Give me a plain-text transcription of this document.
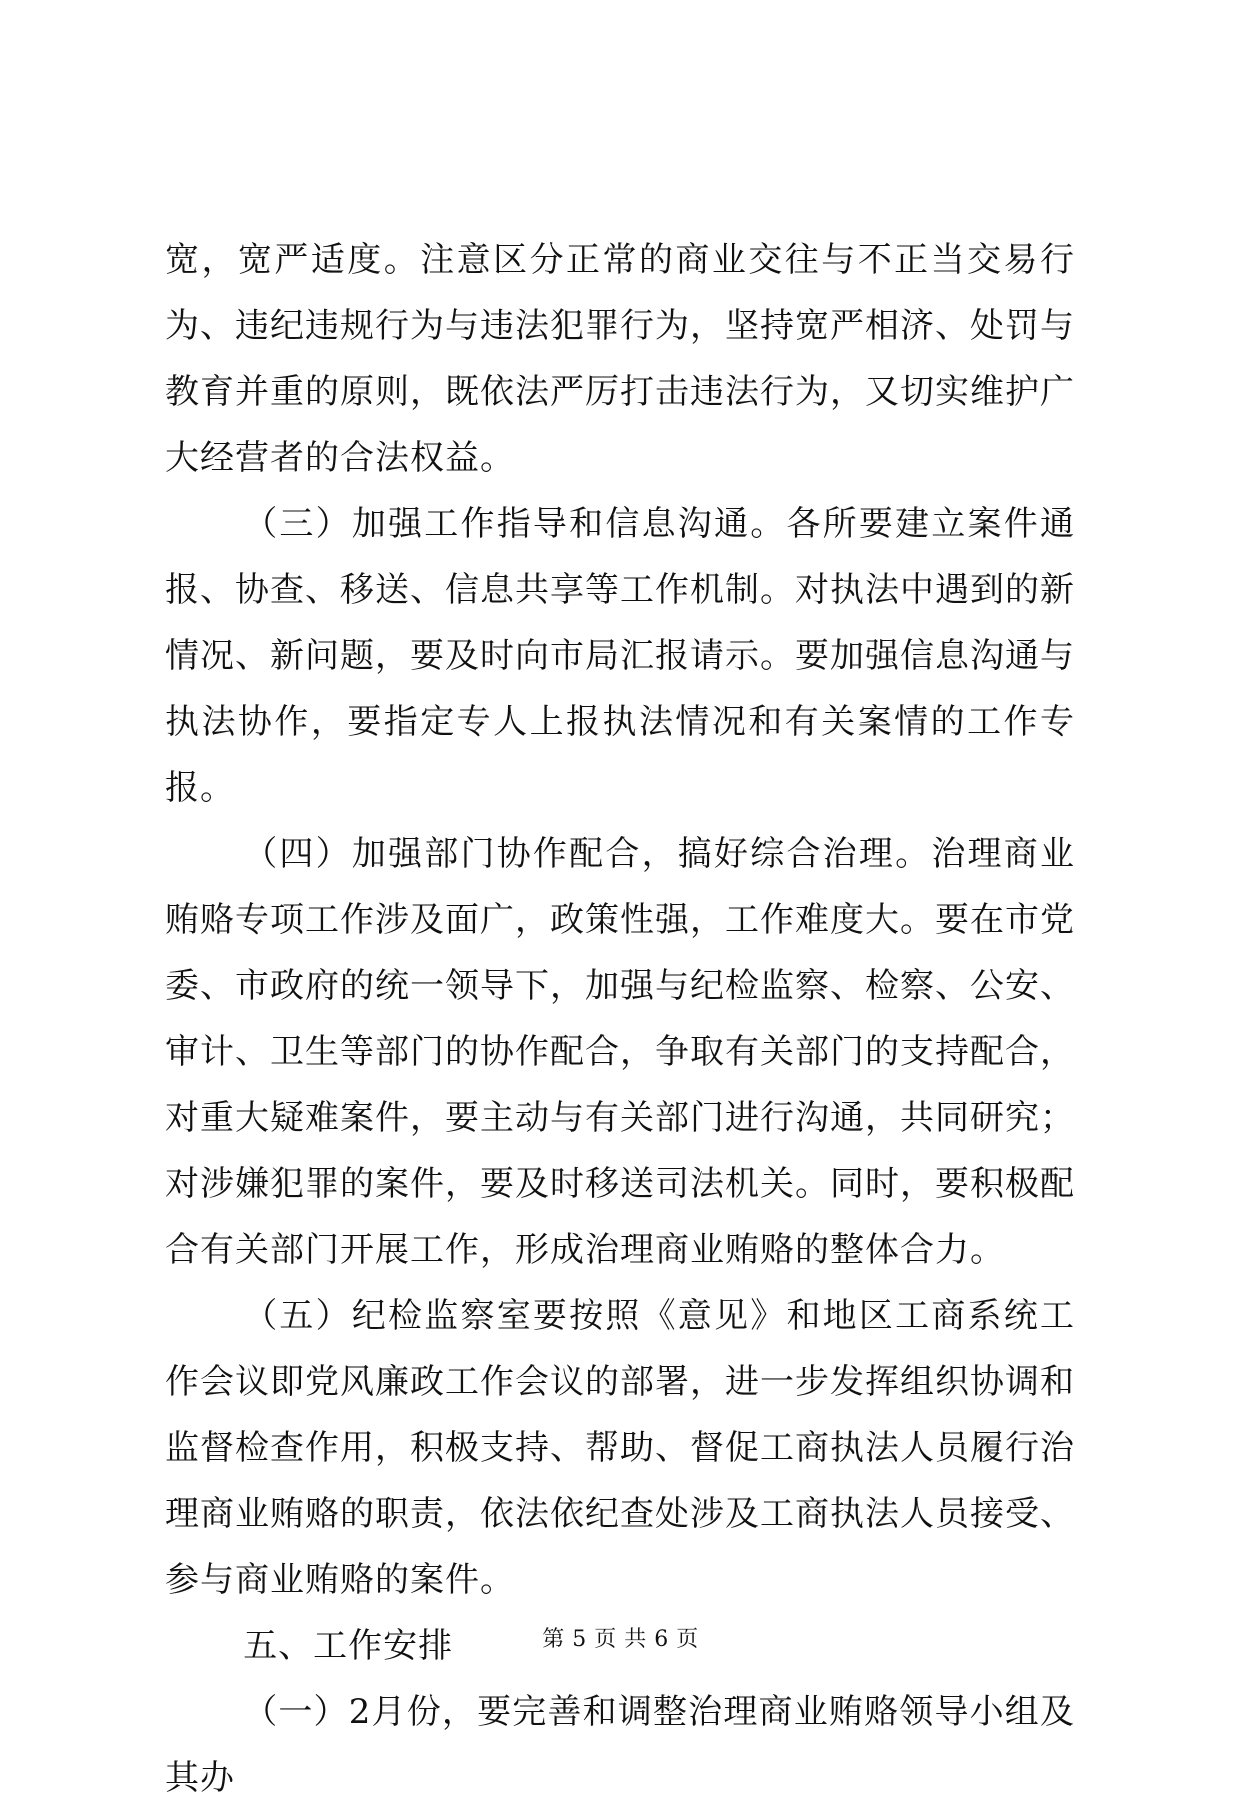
宽，宽严适度。注意区分正常的商业交往与不正当交易行为、违纪违规行为与违法犯罪行为，坚持宽严相济、处罚与教育并重的原则，既依法严厉打击违法行为，又切实维护广大经营者的合法权益。

（三）加强工作指导和信息沟通。各所要建立案件通报、协查、移送、信息共享等工作机制。对执法中遇到的新情况、新问题，要及时向市局汇报请示。要加强信息沟通与执法协作，要指定专人上报执法情况和有关案情的工作专报。

（四）加强部门协作配合，搞好综合治理。治理商业贿赂专项工作涉及面广，政策性强，工作难度大。要在市党委、市政府的统一领导下，加强与纪检监察、检察、公安、审计、卫生等部门的协作配合，争取有关部门的支持配合，对重大疑难案件，要主动与有关部门进行沟通，共同研究；对涉嫌犯罪的案件，要及时移送司法机关。同时，要积极配合有关部门开展工作，形成治理商业贿赂的整体合力。

（五）纪检监察室要按照《意见》和地区工商系统工作会议即党风廉政工作会议的部署，进一步发挥组织协调和监督检查作用，积极支持、帮助、督促工商执法人员履行治理商业贿赂的职责，依法依纪查处涉及工商执法人员接受、参与商业贿赂的案件。

五、工作安排

（一）2月份，要完善和调整治理商业贿赂领导小组及其办

第 5 页 共 6 页
